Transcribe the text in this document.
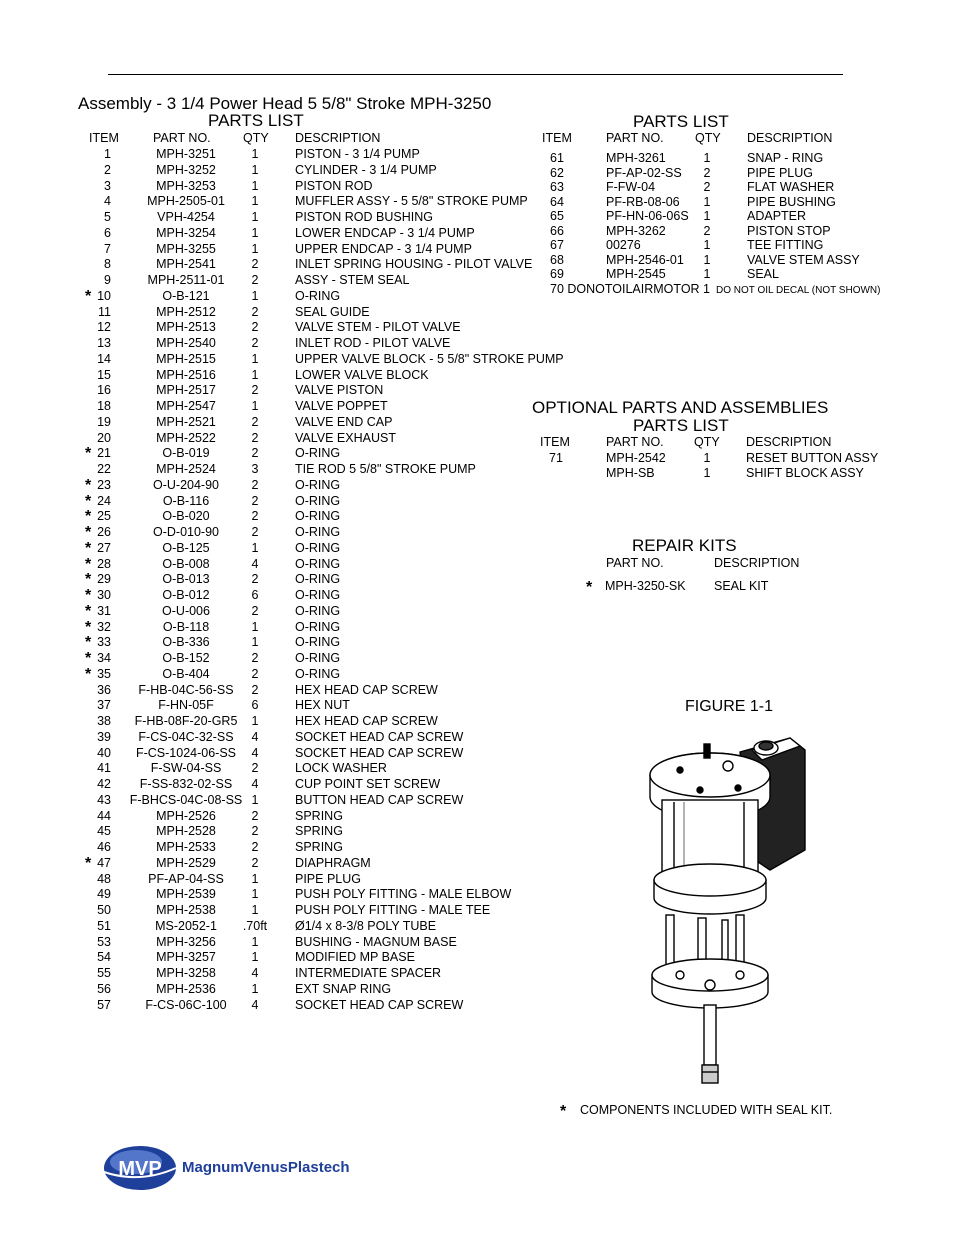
Assembly - 3 1/4 Power Head 5 5/8" Stroke MPH-3250
PARTS LIST
ITEM	PART NO.	QTY DESCRIPTION
1	MPH-3251	1	PISTON - 3 1/4 PUMP
2	MPH-3252	1	CYLINDER - 3 1/4 PUMP
3	MPH-3253	1	PISTON ROD
4	MPH-2505-01 1	MUFFLER ASSY - 5 5/8" STROKE PUMP
5	VPH-4254	1	PISTON ROD BUSHING
6	MPH-3254	1	LOWER ENDCAP - 3 1/4 PUMP
7	MPH-3255	1	UPPER ENDCAP - 3 1/4 PUMP
8	MPH-2541	2	INLET SPRING HOUSING - PILOT VALVE
9	MPH-2511-01 2	ASSY - STEM SEAL
* 10	O-B-121	1	O-RING
11	MPH-2512	2	SEAL GUIDE
12	MPH-2513	2	VALVE STEM - PILOT VALVE
13	MPH-2540	2	INLET ROD - PILOT VALVE
14	MPH-2515	1	UPPER VALVE BLOCK - 5 5/8" STROKE PUMP
15	MPH-2516	1	LOWER VALVE BLOCK
16	MPH-2517	2	VALVE PISTON
18	MPH-2547	1	VALVE POPPET
19	MPH-2521	2	VALVE END CAP
20	MPH-2522	2	VALVE EXHAUST
* 21	O-B-019	2	O-RING
22	MPH-2524	3	TIE ROD 5 5/8" STROKE PUMP
* 23	O-U-204-90	2	O-RING
* 24	O-B-116	2	O-RING
* 25	O-B-020	2	O-RING
* 26	O-D-010-90	2	O-RING
* 27	O-B-125	1	O-RING
* 28	O-B-008	4	O-RING
* 29	O-B-013	2	O-RING
* 30	O-B-012	6	O-RING
* 31	O-U-006	2	O-RING
* 32	O-B-118	1	O-RING
* 33	O-B-336	1	O-RING
* 34	O-B-152	2	O-RING
* 35	O-B-404	2	O-RING
36 F-HB-04C-56-SS 2	HEX HEAD CAP SCREW
37	F-HN-05F	6	HEX NUT
38 F-HB-08F-20-GR5 1	HEX HEAD CAP SCREW
39 F-CS-04C-32-SS 4	SOCKET HEAD CAP SCREW
40 F-CS-1024-06-SS 4	SOCKET HEAD CAP SCREW
41	F-SW-04-SS 2	LOCK WASHER
42 F-SS-832-02-SS 4	CUP POINT SET SCREW
43 F-BHCS-04C-08-SS 1	BUTTON HEAD CAP SCREW
44	MPH-2526	2	SPRING
45	MPH-2528	2	SPRING
46	MPH-2533	2	SPRING
* 47	MPH-2529	2	DIAPHRAGM
48	PF-AP-04-SS 1	PIPE PLUG
49	MPH-2539	1	PUSH POLY FITTING - MALE ELBOW
50	MPH-2538	1	PUSH POLY FITTING - MALE TEE
51	MS-2052-1 .70ft Ø1/4 x 8-3/8 POLY TUBE
53	MPH-3256	1	BUSHING - MAGNUM BASE
54	MPH-3257	1	MODIFIED MP BASE
55	MPH-3258	4	INTERMEDIATE SPACER
56	MPH-2536	1	EXT SNAP RING
57	F-CS-06C-100 4	SOCKET HEAD CAP SCREW
PARTS LIST
ITEM	PART NO.	QTY DESCRIPTION
61	MPH-3261	1	SNAP - RING
62	PF-AP-02-SS 2	PIPE PLUG
63	F-FW-04	2	FLAT WASHER
64	PF-RB-08-06 1	PIPE BUSHING
65	PF-HN-06-06S 1	ADAPTER
66	MPH-3262	2	PISTON STOP
67	00276	1	TEE FITTING
68	MPH-2546-01 1	VALVE STEM ASSY
69	MPH-2545	1	SEAL
70 DONOTOILAIRMOTOR 1 DO NOT OIL DECAL (NOT SHOWN)
OPTIONAL PARTS AND ASSEMBLIES
PARTS LIST
ITEM	PART NO. QTY DESCRIPTION
71	MPH-2542	1	RESET BUTTON ASSY
MPH-SB	1	SHIFT BLOCK ASSY
REPAIR KITS
PART NO.	DESCRIPTION
* MPH-3250-SK SEAL KIT
FIGURE 1-1
* COMPONENTS INCLUDED WITH SEAL KIT.
MVP MagnumVenusPlastech
